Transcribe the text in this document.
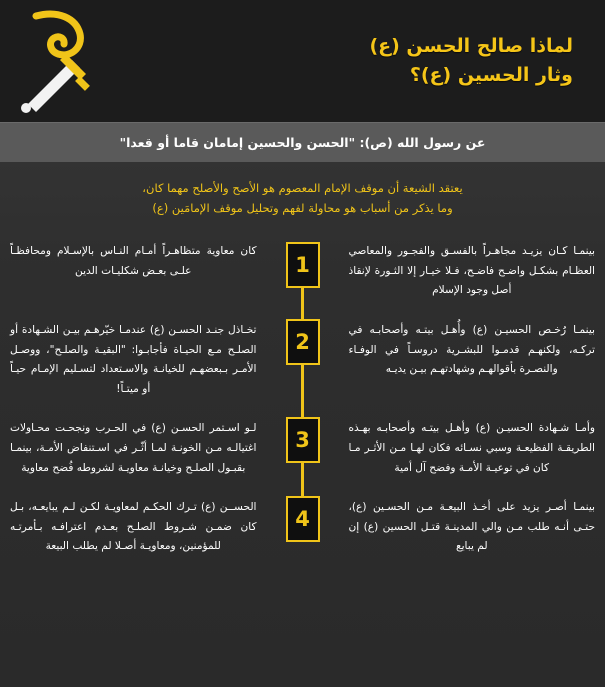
لماذا صالح الحسن (ع)
وثار الحسين (ع)؟
عن رسول الله (ص): "الحسن والحسين إمامان قاما أو قعدا"
يعتقد الشيعة أن موقف الإمام المعصوم هو الأصح والأصلح مهما كان،
وما يذكر من أسباب هو محاولة لفهم وتحليل موقف الإمامَين (ع)
بينمـا كـان يزيـد مجاهـراً بالفسـق والفجـور والمعاصي العظـام بشكـل واضـح فاضـح، فـلا خيـار إلا الثـورة لإنقاذ أصل وجود الإسلام
1
كان معاوية متظاهـراً أمـام النـاس بالإسـلام ومحافظـاً علـى بعـض شكليـات الدين
بينمـا رُخـص الحسيـن (ع) وأُهـل بيتـه وأصحابـه في تركـه، ولكنهـم قدمـوا للبشـرية دروسـاً في الوفـاء والنصـرة بأقوالهـم وشهادتهـم بيـن يديـه
2
تخـاذل جنـد الحسـن (ع) عندمـا خيّرهـم بيـن الشـهادة أو الصلـح مـع الحيـاة فأجابـوا: "البقيـة والصلـح"، ووصـل الأمـر بـبعضهـم للخيانـة والاسـتعداد لتسـليم الإمـام حيـاً أو ميتـاً!
وأمـا شـهادة الحسيـن (ع) وأهـل بيتـه وأصحابـه بهـذه الطريقـة الفظيعـة وسبي نسـائه فكان لهـا مـن الأثـر مـا كان في توعيـة الأمـة وفضح آل أمية
3
لـو اسـتمر الحسـن (ع) في الحـرب ونجحـت محـاولات اغتيالـه مـن الخونـة لمـا أثّـر في اسـتنفاض الأمـة، بينمـا بقبـول الصلـح وخيانـة معاويـة لشروطه فُضح معاوية
بينمـا أصـر يزيد على أخـذ البيعـة مـن الحسـين (ع)، حتـى أنـه طلب مـن والي المدينـة قتـل الحسين (ع) إن لم يبايع
4
الحســن (ع) تـرك الحكـم لمعاويـة لكـن لـم يبايعـه، بـل كان ضمـن شـروط الصلـح بعـدم اعترافـه بـأمرتـه للمؤمنين، ومعاويـة أصـلا لم يطلب البيعة
